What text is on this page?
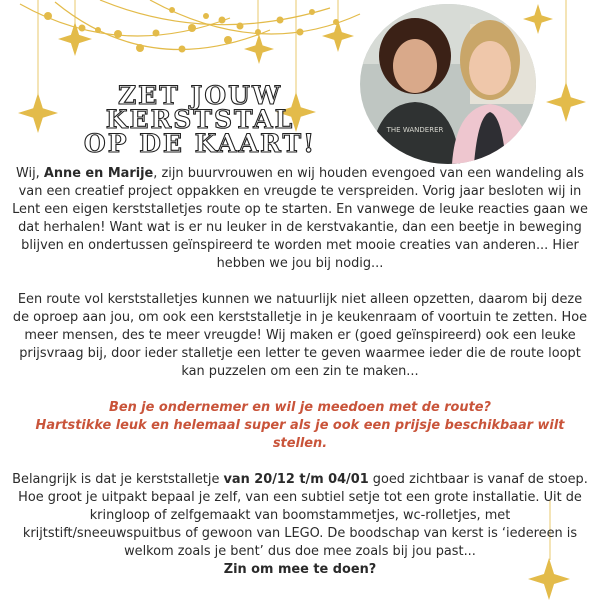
ZET JOUW
KERSTSTAL
OP DE KAART!	THE WANDERER

Wij, Anne en Marije, zijn buurvrouwen en wij houden evengoed van een wandeling als van een creatief project oppakken en vreugde te verspreiden. Vorig jaar besloten wij in Lent een eigen kerststalletjes route op te starten. En vanwege de leuke reacties gaan we dat herhalen! Want wat is er nu leuker in de kerstvakantie, dan een beetje in beweging blijven en ondertussen geïnspireerd te worden met mooie creaties van anderen... Hier hebben we jou bij nodig...

Een route vol kerststalletjes kunnen we natuurlijk niet alleen opzetten, daarom bij deze de oproep aan jou, om ook een kerststalletje in je keukenraam of voortuin te zetten. Hoe meer mensen, des te meer vreugde! Wij maken er (goed geïnspireerd) ook een leuke prijsvraag bij, door ieder stalletje een letter te geven waarmee ieder die de route loopt kan puzzelen om een zin te maken...

Ben je ondernemer en wil je meedoen met de route?

Hartstikke leuk en helemaal super als je ook een prijsje beschikbaar wilt stellen.

Belangrijk is dat je kerststalletje van 20/12 t/m 04/01 goed zichtbaar is vanaf de stoep. Hoe groot je uitpakt bepaal je zelf, van een subtiel setje tot een grote installatie. Uit de kringloop of zelfgemaakt van boomstammetjes, wc-rolletjes, met krijtstift/sneeuwspuitbus of gewoon van LEGO. De boodschap van kerst is ‘iedereen is welkom zoals je bent’ dus doe mee zoals bij jou past...

Zin om mee te doen?
